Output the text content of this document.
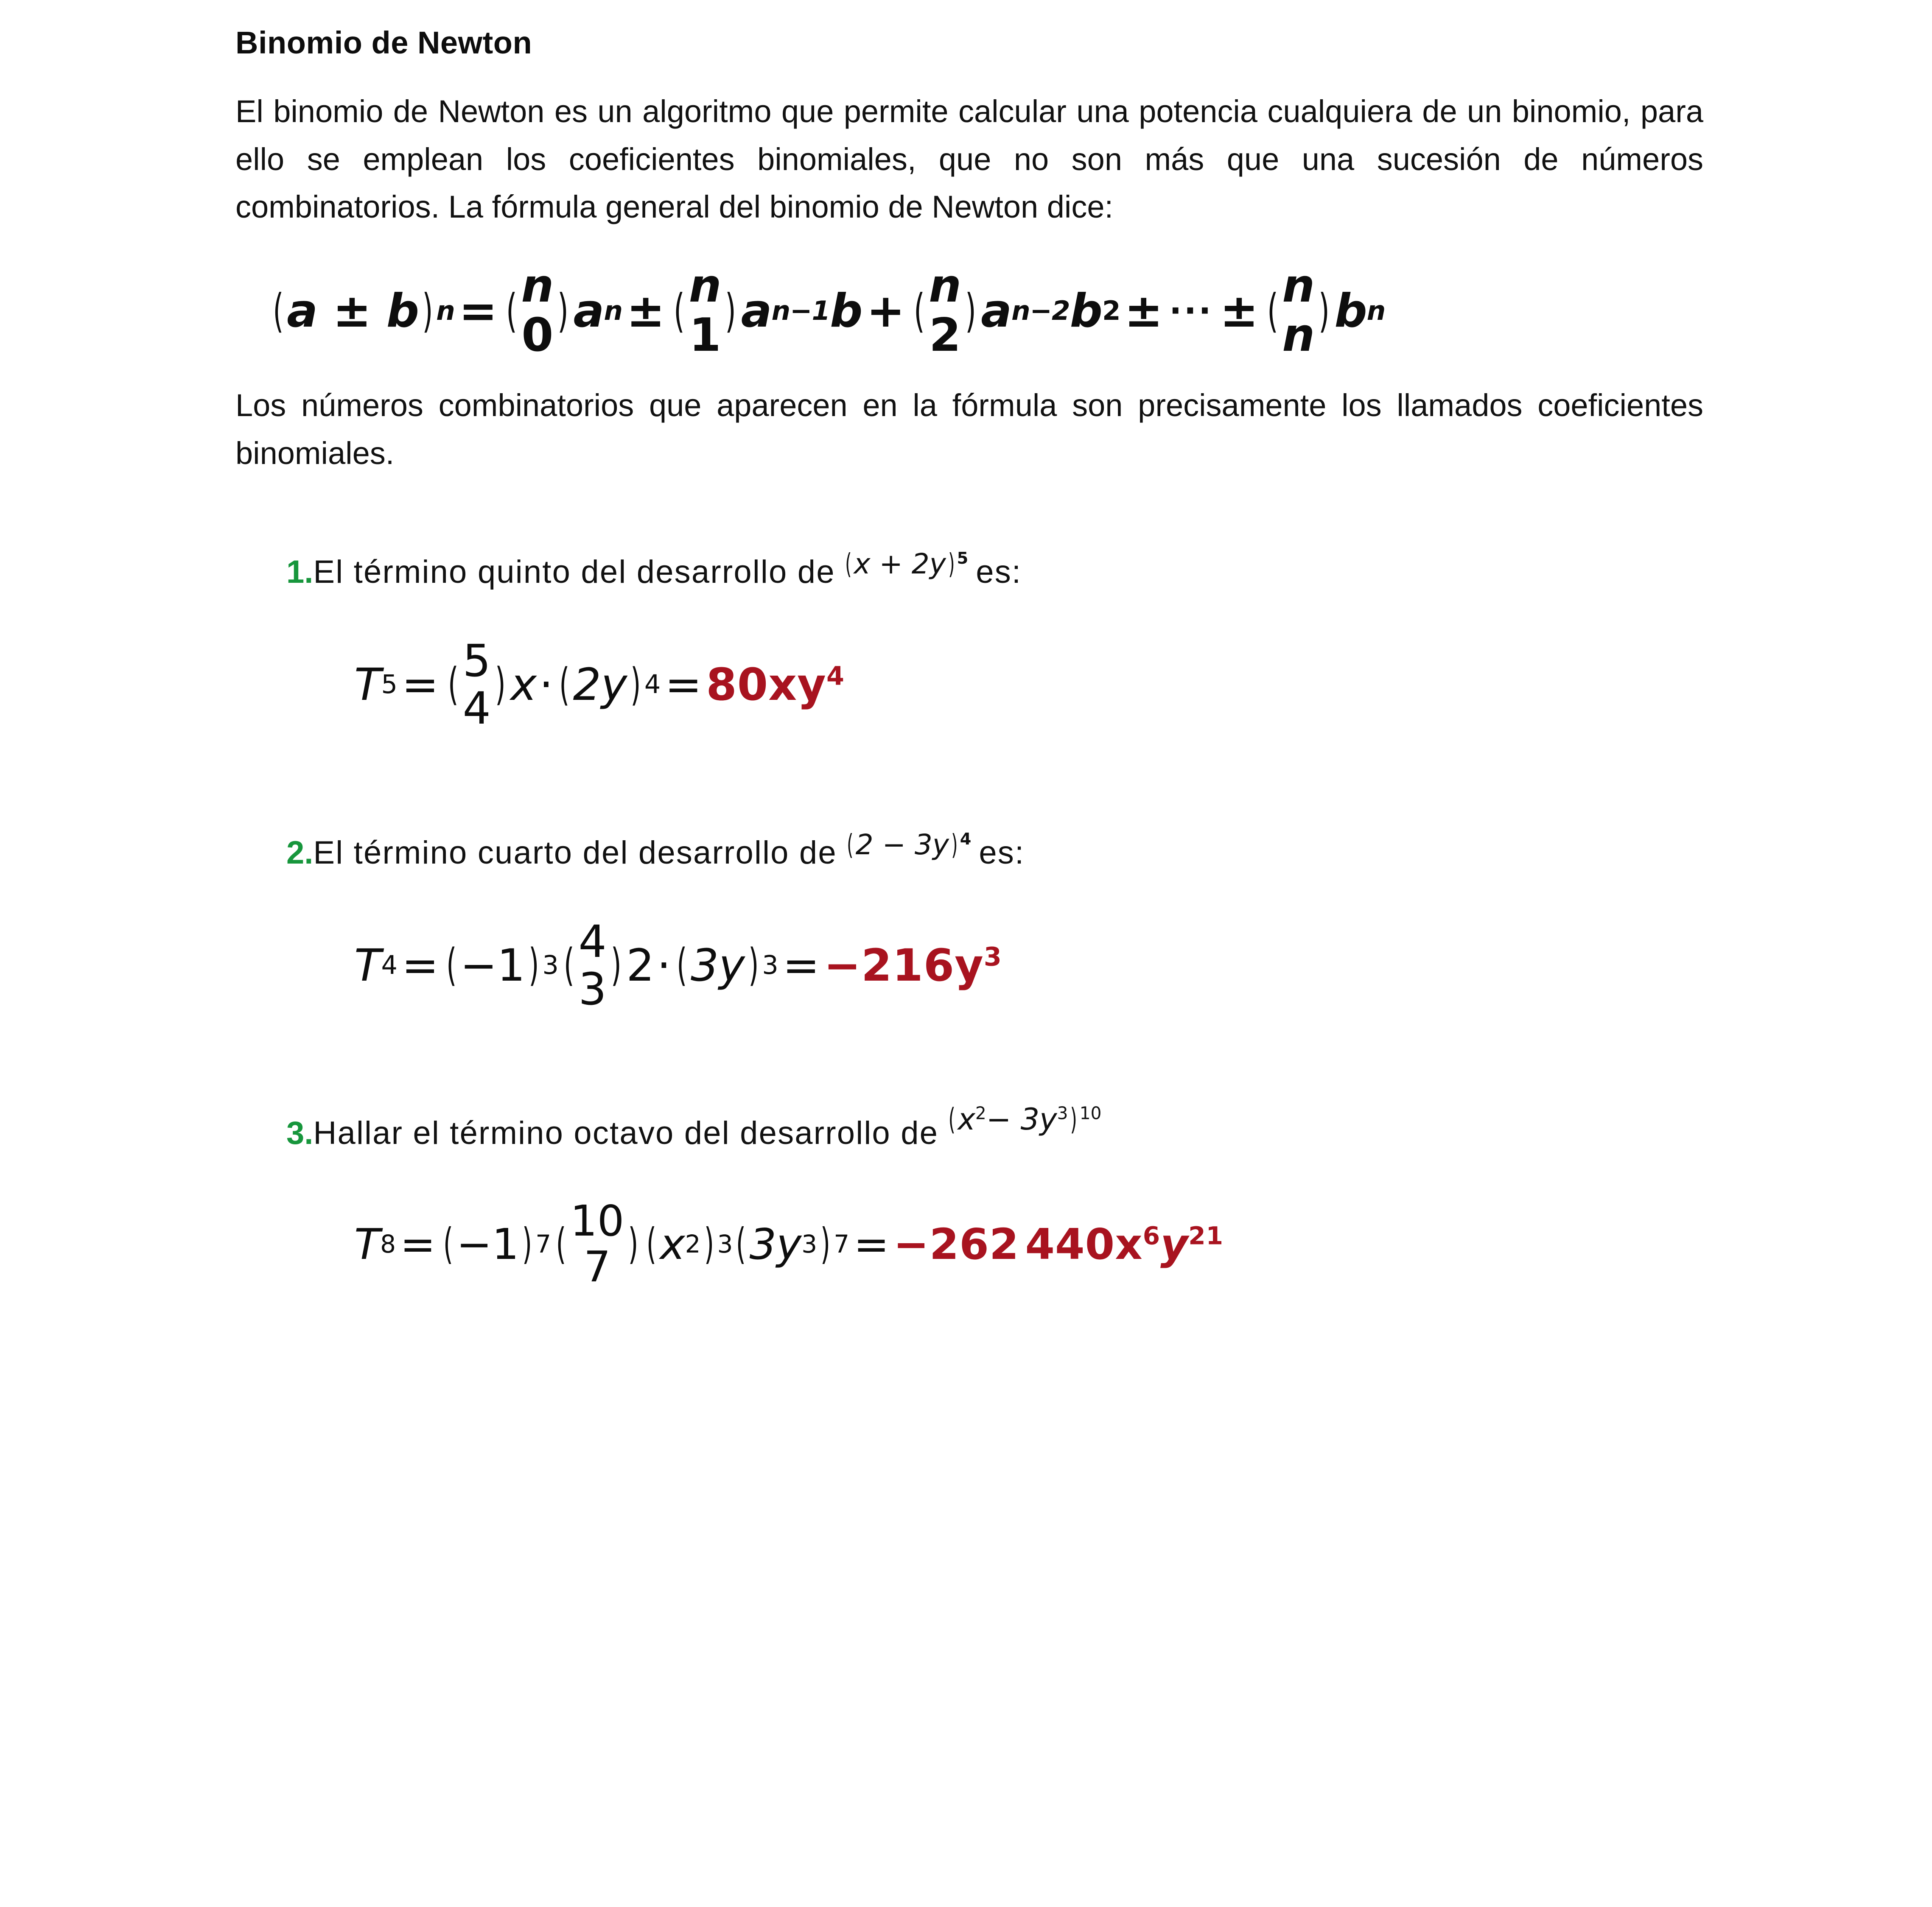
Binomio de Newton

El binomio de Newton es un algoritmo que permite calcular una potencia cualquiera de un binomio, para ello se emplean los coeficientes binomiales, que no son más que una sucesión de números combinatorios. La fórmula general del binomio de Newton dice:

( a ± b ) n = ( n
0 ) a n ± ( n
1 ) a n−1 b + ( n
2 ) a n−2 b 2 ± ··· ± ( n
n ) b n

Los números combinatorios que aparecen en la fórmula son precisamente los llamados coeficientes binomiales.

1. El término quinto del desarrollo de (x + 2y) $^5$ es:
T 5 = ( 5
4 ) x · ( 2y ) $4 = 80xy^4$
2. El término cuarto del desarrollo de (2 − 3y) $^4$ es:
T 4 = ( −1 ) 3 ( 4
3 ) 2 · ( 3y ) $3 = -216y^3$
3. Hallar el término octavo del desarrollo de $(x^2- 3y^3)$ $^{10}$
T 8 = ( −1 ) 7 ( 10
7 ) ( x 2 ) 3 ( 3y 3 ) 7 = −262 $440x^6y^{21}$
